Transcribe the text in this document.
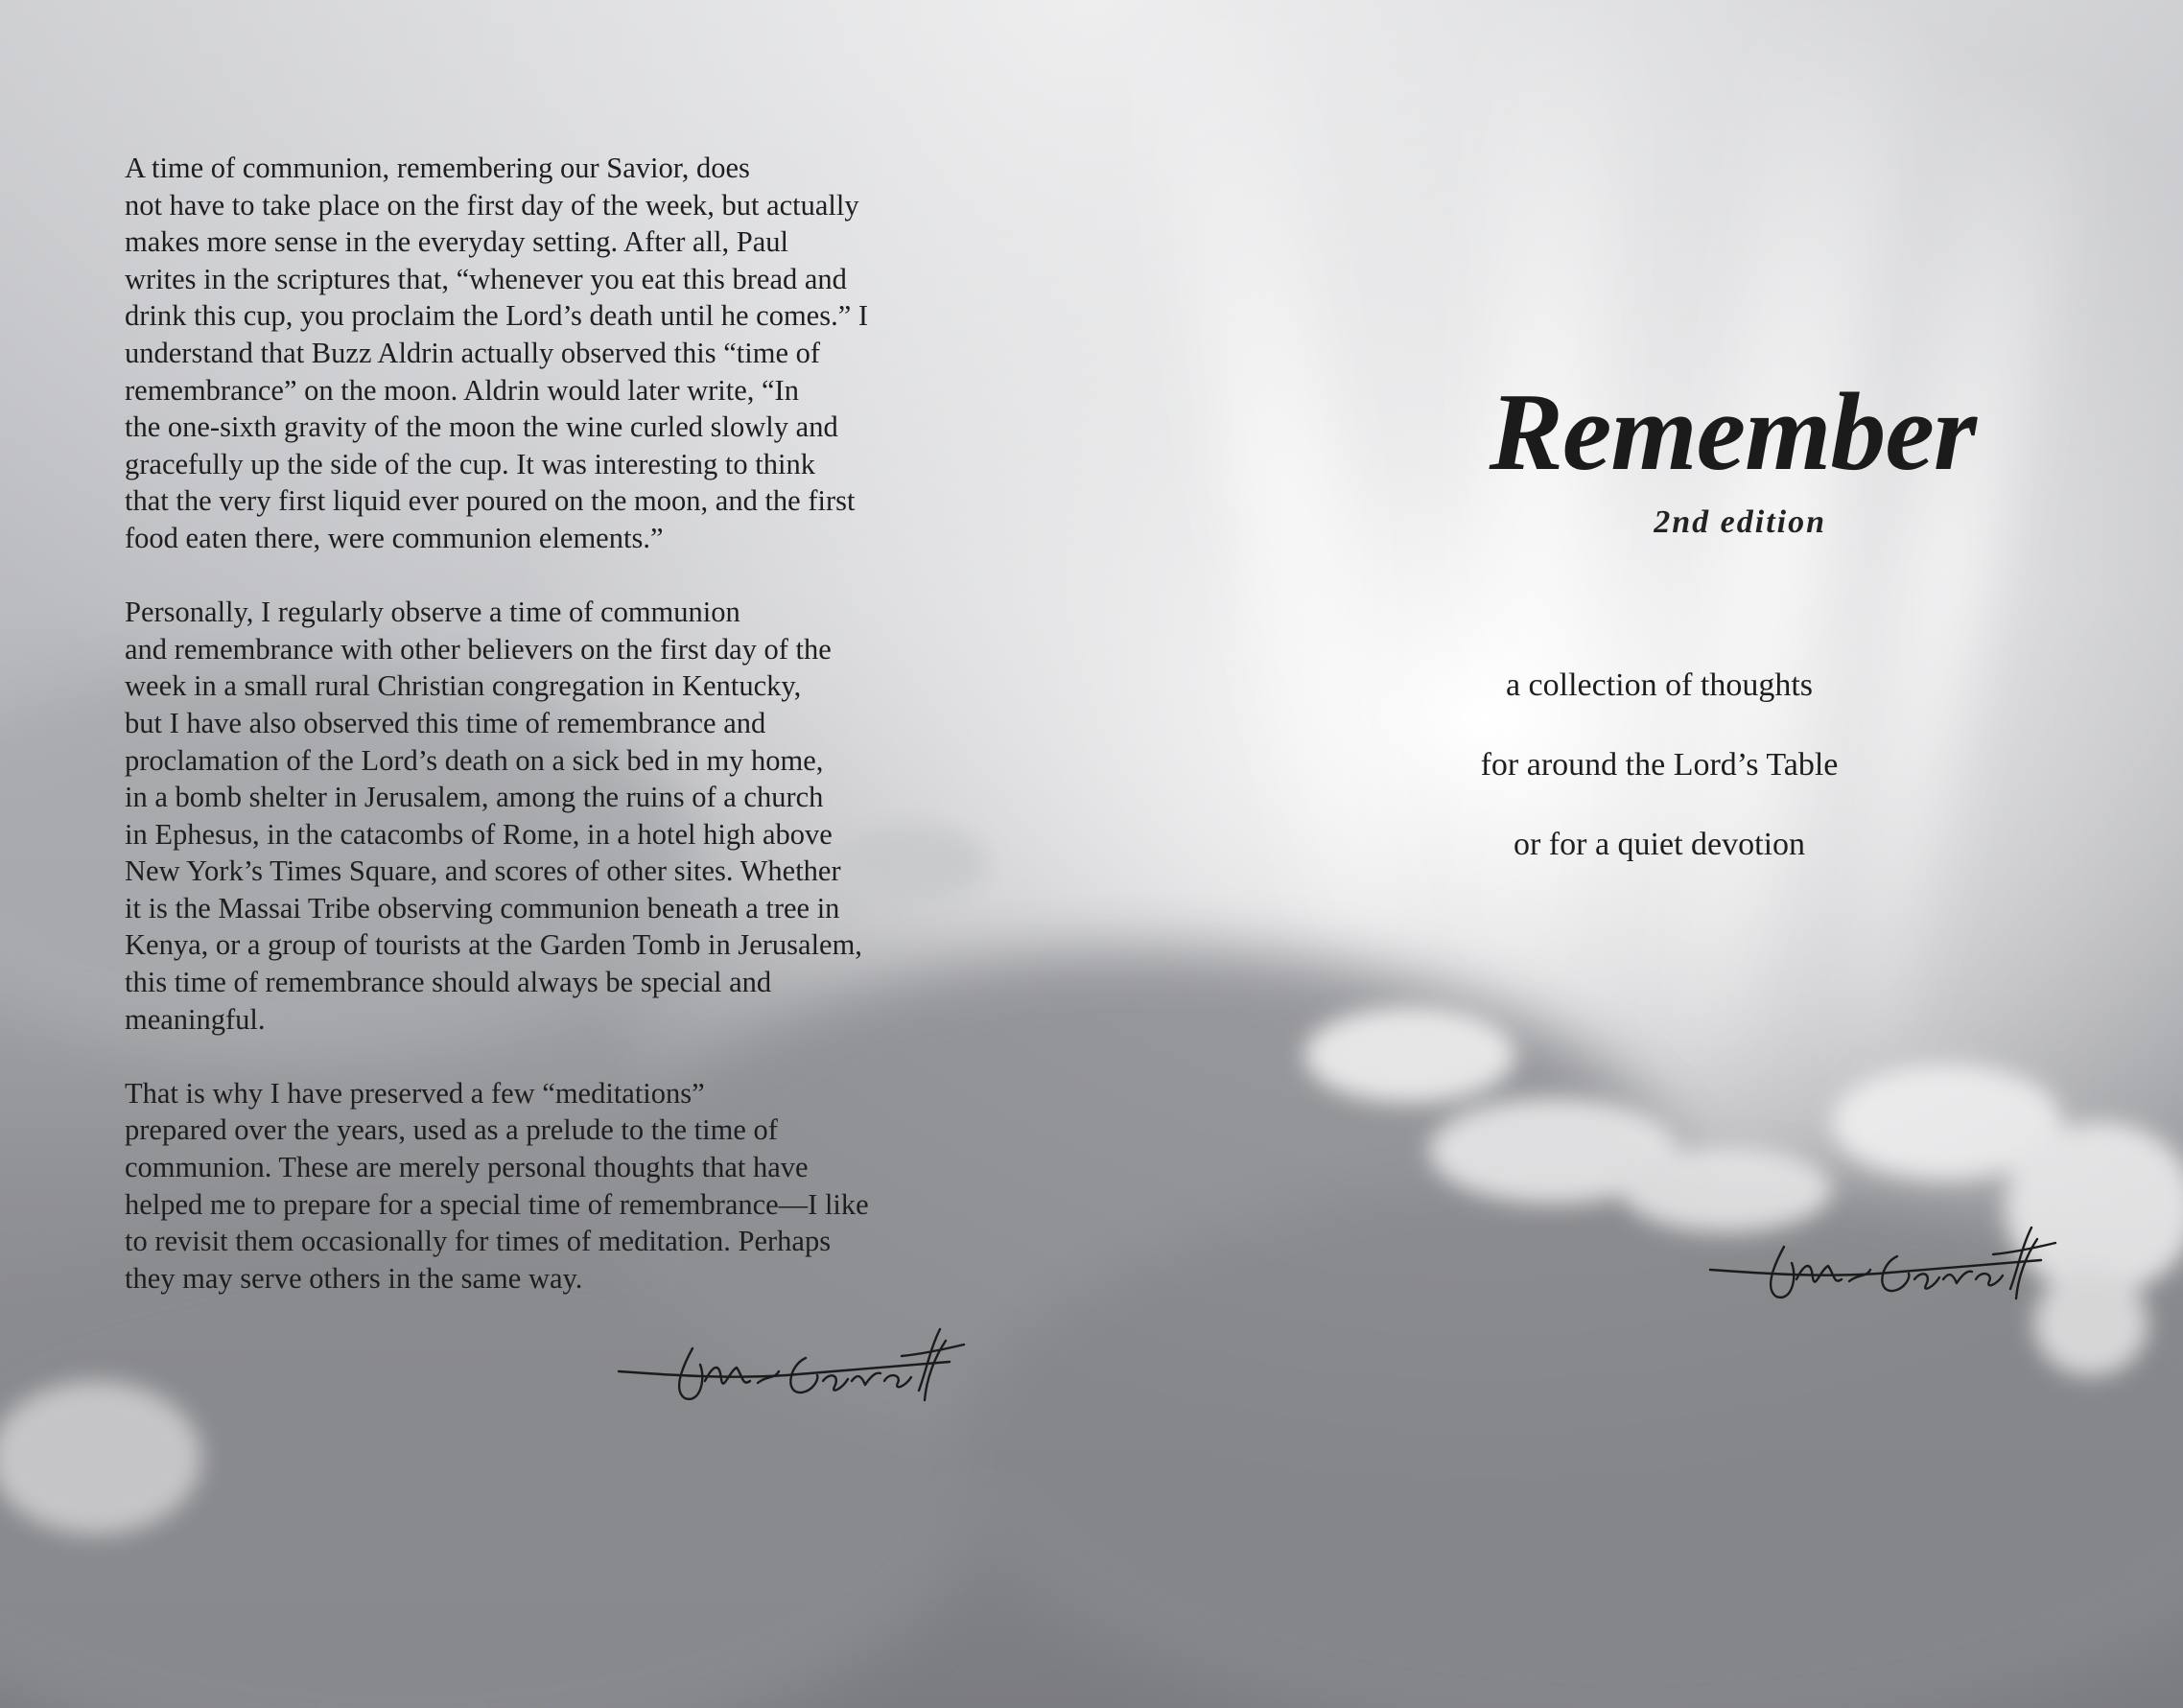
A time of communion, remembering our Savior, does
not have to take place on the first day of the week, but actually
makes more sense in the everyday setting. After all, Paul
writes in the scriptures that, “whenever you eat this bread and
drink this cup, you proclaim the Lord’s death until he comes.” I
understand that Buzz Aldrin actually observed this “time of
remembrance” on the moon. Aldrin would later write, “In
the one-sixth gravity of the moon the wine curled slowly and
gracefully up the side of the cup. It was interesting to think
that the very first liquid ever poured on the moon, and the first
food eaten there, were communion elements.”

Personally, I regularly observe a time of communion
and remembrance with other believers on the first day of the
week in a small rural Christian congregation in Kentucky,
but I have also observed this time of remembrance and
proclamation of the Lord’s death on a sick bed in my home,
in a bomb shelter in Jerusalem, among the ruins of a church
in Ephesus, in the catacombs of Rome, in a hotel high above
New York’s Times Square, and scores of other sites. Whether
it is the Massai Tribe observing communion beneath a tree in
Kenya, or a group of tourists at the Garden Tomb in Jerusalem,
this time of remembrance should always be special and
meaningful.

That is why I have preserved a few “meditations”
prepared over the years, used as a prelude to the time of
communion. These are merely personal thoughts that have
helped me to prepare for a special time of remembrance—I like
to revisit them occasionally for times of meditation. Perhaps
they may serve others in the same way.

Remember
2nd edition
a collection of thoughts
for around the Lord’s Table
or for a quiet devotion
